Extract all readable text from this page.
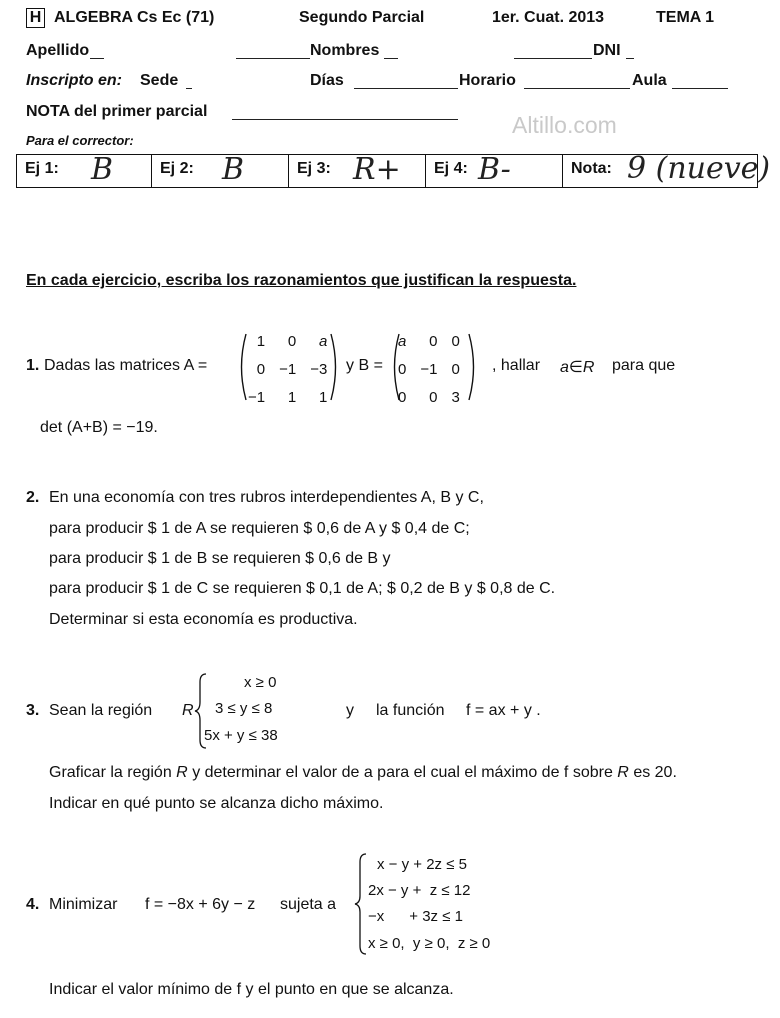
H ALGEBRA Cs Ec (71)	Segundo Parcial	1er. Cuat. 2013	TEMA 1
Apellido	Nombres	DNI
Inscripto en: Sede	Días	Horario	Aula
NOTA del primer parcial
Para el corrector:
Altillo.com
Ej 1: B	Ej 2: B	Ej 3: R+ Ej 4: B-	Nota: 9 (nueve)
En cada ejercicio, escriba los razonamientos que justifican la respuesta.
1. Dadas las matrices A =
1	0	a
0	−1	−3
−1	1	1
y B =
a	0	0
0	−1	0
0	0	3
, hallar a∈R para que
det (A+B) = −19.
2. En una economía con tres rubros interdependientes A, B y C,
para producir $ 1 de A se requieren $ 0,6 de A y $ 0,4 de C;
para producir $ 1 de B se requieren $ 0,6 de B y
para producir $ 1 de C se requieren $ 0,1 de A; $ 0,2 de B y $ 0,8 de C.
Determinar si esta economía es productiva.
3. Sean la región R
x ≥ 0
3 ≤ y ≤ 8
5x + y ≤ 38
y la función f = ax + y .
Graficar la región R y determinar el valor de a para el cual el máximo de f sobre R es 20.
Indicar en qué punto se alcanza dicho máximo.
4. Minimizar f = −8x + 6y − z sujeta a
x − y + 2z ≤ 5
2x − y +  z ≤ 12
−x      + 3z ≤ 1
x ≥ 0,  y ≥ 0,  z ≥ 0
Indicar el valor mínimo de f y el punto en que se alcanza.
